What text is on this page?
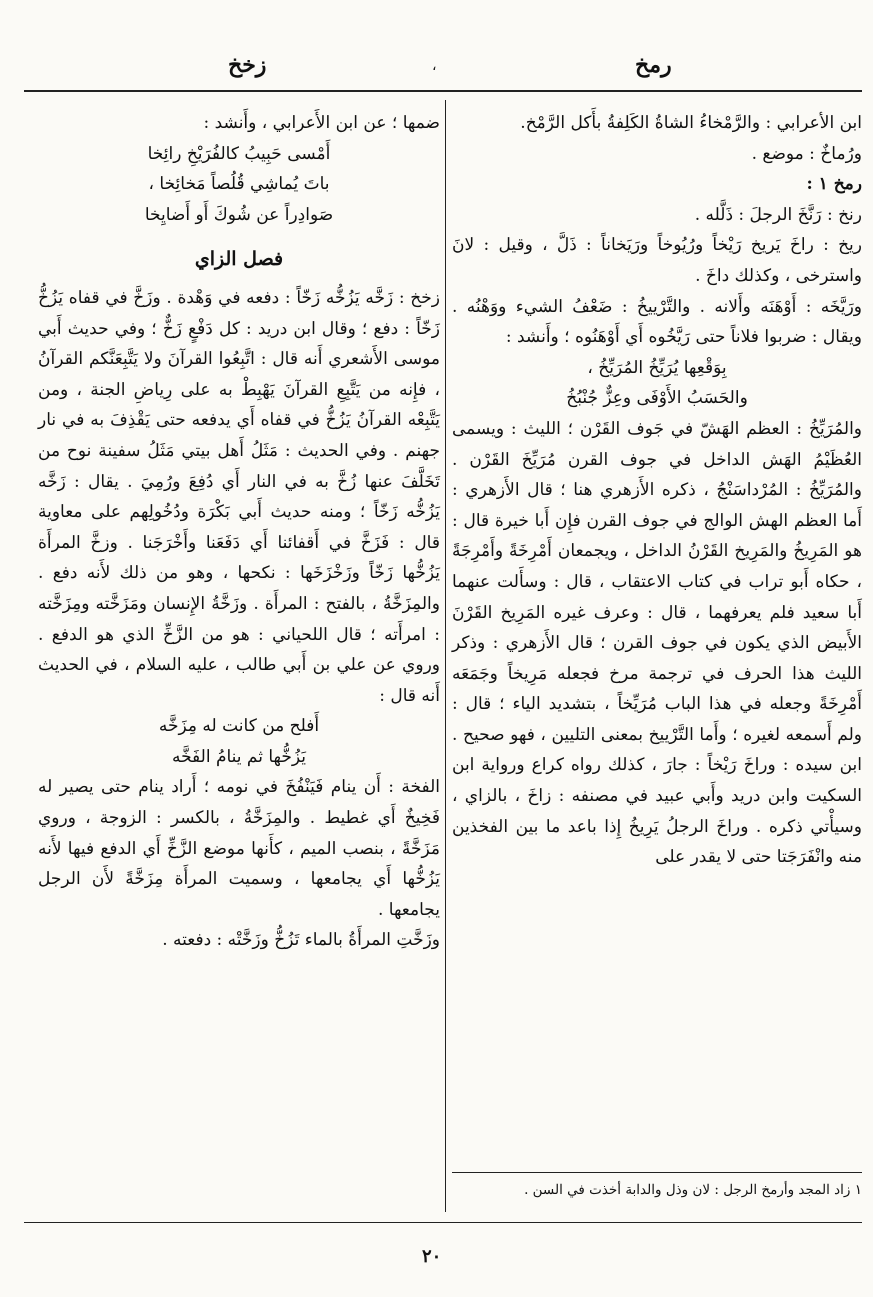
رمخ
،
زخخ

ابن الأعرابي : والرَّمْخاءُ الشاةُ الكَلِفةُ بأَكل الرَّمْخ.

ورُماخٌ : موضع .

رمخ ١ :

رنخ : رَنَّخَ الرجلَ : ذَلَّله .

ريخ : راخَ يَريخ رَيْخاً ورُيُوخاً ورَيَخاناً : ذَلَّ ، وقيل : لانَ واسترخى ، وكذلك داخَ .

ورَيَّخَه : أَوْهَنَه وأَلانه . والتَّرْييخُ : ضَعْفُ الشيء ووَهْنُه . ويقال : ضربوا فلاناً حتى رَيَّخُوه أَي أَوْهَنُوه ؛ وأَنشد :

بِوَقْعِها يُرَيِّخُ المُرَيِّخُ ،

والحَسَبُ الأَوْفَى وعِزٌّ جُنْبُخُ

والمُرَيِّخُ : العظم الهَشّ في جَوف القَرْن ؛ الليث : ويسمى العُظَيْمُ الهَش الداخل في جوف القرن مُرَيِّخَ القَرْن . والمُرَيِّخُ : المُرْداسَنْجُ ، ذكره الأَزهري هنا ؛ قال الأَزهري : أَما العظم الهش الوالج في جوف القرن فإِن أَبا خيرة قال : هو المَرِيخُ والمَرِيخ القَرْنُ الداخل ، ويجمعان أَمْرِخَةً وأَمْرِجَةً ، حكاه أَبو تراب في كتاب الاعتقاب ، قال : وسأَلت عنهما أَبا سعيد فلم يعرفهما ، قال : وعرف غيره المَرِيخ القَرْنَ الأَبيض الذي يكون في جوف القرن ؛ قال الأَزهري : وذكر الليث هذا الحرف في ترجمة مرخ فجعله مَرِيخاً وجَمَعَه أَمْرِخَةً وجعله في هذا الباب مُرَيِّخاً ، بتشديد الياء ؛ قال : ولم أَسمعه لغيره ؛ وأَما التَّرْييخ بمعنى التليين ، فهو صحيح . ابن سيده : وراخَ رَيْخاً : جارَ ، كذلك رواه كراع ورواية ابن السكيت وابن دريد وأَبي عبيد في مصنفه : زاخَ ، بالزاي ، وسيأْتي ذكره . وراخَ الرجلُ يَرِيخُ إِذا باعد ما بين الفخذين منه وانْفَرَجَتا حتى لا يقدر على

ضمها ؛ عن ابن الأَعرابي ، وأَنشد :

أَمْسى حَبِيبُ كالفُرَيْخِ رائِخا

باتَ يُماشِي قُلُصاً مَخائِخا ،

صَوادِراً عن شُوكَ أَو أَضايِخا

فصل الزاي

زخخ : زَخَّه يَزُخُّه زَخّاً : دفعه في وَهْدة . وزَخَّ في قفاه يَزُخُّ زَخّاً : دفع ؛ وقال ابن دريد : كل دَفْعٍ زَخٌّ ؛ وفي حديث أَبي موسى الأَشعري أَنه قال : اتَّبِعُوا القرآنَ ولا يَتَّبِعَنَّكم القرآنُ ، فإِنه من يَتَّبِعِ القرآنَ يَهْبِطْ به على رِياضِ الجنة ، ومن يَتَّبِعْه القرآنُ يَزُخُّ في قفاه أَي يدفعه حتى يَقْذِفَ به في نار جهنم . وفي الحديث : مَثَلُ أَهل بيتي مَثَلُ سفينة نوح من تَخَلَّفَ عنها زُخَّ به في النار أَي دُفِعَ ورُمِيَ . يقال : زَخَّه يَزُخُّه زَخّاً ؛ ومنه حديث أَبي بَكْرَة ودُخُولِهم على معاوية قال : فَزَخَّ في أَقفائنا أَي دَفَعَنا وأَخْرَجَنا . وزخَّ المرأَة يَزُخُّها زَخّاً وزَخْزَخَها : نكحها ، وهو من ذلك لأَنه دفع . والمِزَخَّةُ ، بالفتح : المرأَة . وزَخَّةُ الإِنسان ومَزَخَّته ومِزَخَّته : امرأَته ؛ قال اللحياني : هو من الزَّخِّ الذي هو الدفع . وروي عن علي بن أَبي طالب ، عليه السلام ، في الحديث أَنه قال :

أَفلح من كانت له مِزَخَّه

يَزُخُّها ثم ينامُ الفَخَّه

الفخة : أَن ينام فَيَنْفُخَ في نومه ؛ أَراد ينام حتى يصير له فَخِيخٌ أَي غطيط . والمِزَخَّةُ ، بالكسر : الزوجة ، وروي مَزَخَّةً ، بنصب الميم ، كأَنها موضع الزَّخِّ أَي الدفع فيها لأَنه يَزُخُّها أَي يجامعها ، وسميت المرأَة مِزَخَّةً لأَن الرجل يجامعها .

وزَخَّتِ المرأَةُ بالماء تَزُخُّ وزَخَّتْه : دفعته .

١ زاد المجد وأرمخ الرجل : لان وذل والدابة أخذت في السن .
٢٠
